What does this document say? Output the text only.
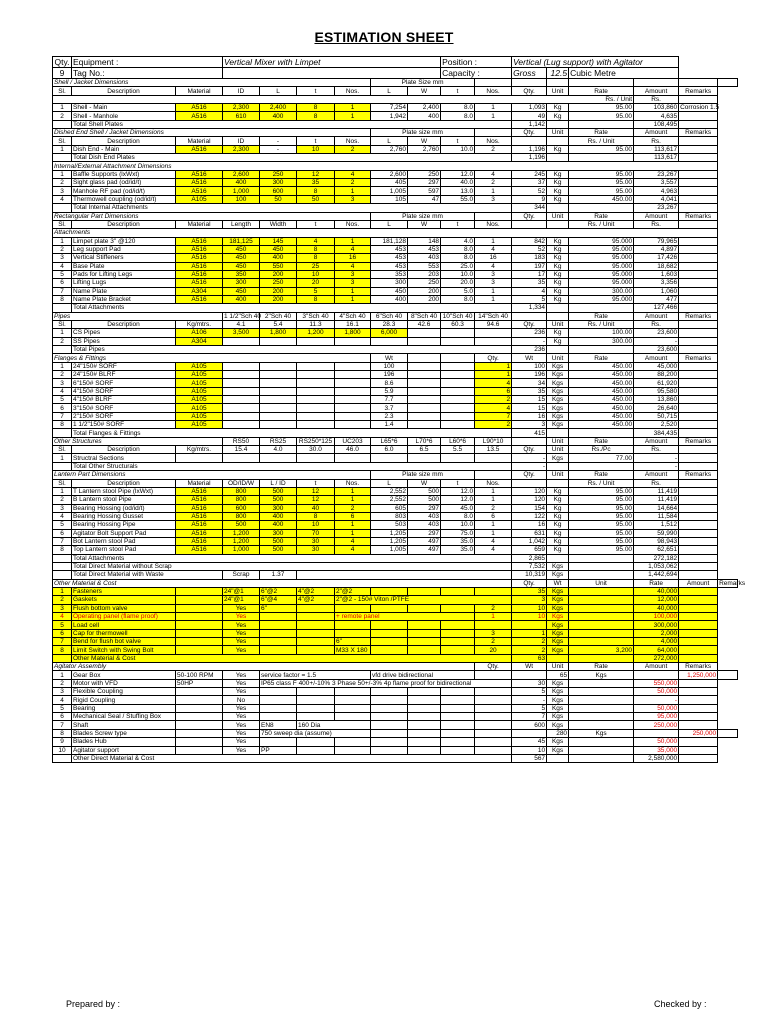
ESTIMATION SHEET
Qty.	Equipment :		Vertical Mixer with Limpet						Position :		Vertical (Lug support) with Agitator					
9	Tag No.:								Capacity :		Gross	12.5	Cubic Metre			
Shell / Jacket Dimensions							Plate Size mm									
Sl.	Description	Material	ID	L	t	Nos.	L	W	t	Nos.	Qty.	Unit	Rate	Amount	Remarks	
Rs. / Unit														Rs.		
1	Shell - Main	A516	2,300	2,400	8	1	7,254	2,400	8.0	1	1,093	Kg	95.00	103,860	Corrosion 1.5	
2	Shell - Manhole	A516	610	400	8	1	1,942	400	8.0	1	49	Kg	95.00	4,635		
	Total Shell Plates										1,142			108,495		
Dished End Shell / Jacket Dimensions							Plate size mm				Qty.	Unit	Rate	Amount	Remarks	
Sl.	Description	Material	ID	-	t	Nos.	L	W	t	Nos.			Rs. / Unit	Rs.		
1	Dish End - Main	A516	2,300	-	10	2	2,760	2,760	10.0	2	1,196	Kg	95.00	113,617		
	Total Dish End Plates										1,196			113,617		
Internal/External Attachment Dimensions																
1	Baffle Supports (lxWxt)	A516	2,600	250	12	4	2,600	250	12.0	4	245	Kg	95.00	23,267		
2	Sight glass pad (od/id/t)	A516	400	300	35	2	405	297	40.0	2	37	Kg	95.00	3,557		
3	Manhole RF pad (od/id/t)	A516	1,000	600	8	1	1,005	597	13.0	1	52	Kg	95.00	4,963		
4	Thermowell coupling (od/id/t)	A105	100	50	50	3	105	47	55.0	3	9	Kg	450.00	4,041		
	Total Internal Attachments										344			23,267		
Rectangular Part Dimensions							Plate size mm				Qty.	Unit	Rate	Amount	Remarks	
Sl.	Description	Material	Length	Width	t	Nos.	L	W	t	Nos.			Rs. / Unit	Rs.		
Attachments																
1	Limpet plate 3" @120	A516	181,125	145	4	1	181,128	148	4.0	1	842	Kg	95.000	79,965		
2	Leg support Pad	A516	450	450	8	4	453	453	8.0	4	52	Kg	95.000	4,897		
3	Vertical Stiffeners	A516	450	400	8	16	453	403	8.0	16	183	Kg	95.000	17,426		
4	Base Plate	A516	450	550	25	4	453	553	25.0	4	197	Kg	95.000	18,682		
5	Pads for Lifting Legs	A516	350	200	10	3	353	203	10.0	3	17	Kg	95.000	1,603		
6	Lifting Lugs	A516	300	250	20	3	300	250	20.0	3	35	Kg	95.000	3,356		
7	Name Plate	A304	450	200	5	1	450	200	5.0	1	4	Kg	300.00	1,060		
8	Name Plate Bracket	A516	400	200	8	1	400	200	8.0	1	5	Kg	95.000	477		
	Total Attachments										1,334			127,466		
Pipes			1 1/2"Sch 40	2"Sch 40	3"Sch 40	4"Sch 40	6"Sch 40	8"Sch 40	10"Sch 40	14"Sch 40			Rate	Amount	Remarks	
Sl.	Description	Kg/mtrs.	4.1	5.4	11.3	16.1	28.3	42.6	60.3	94.6	Qty.	Unit	Rs. / Unit	Rs.		
1	CS Pipes	A106	3,500	1,800	1,200	1,800	6,000				236	Kg	100.00	23,600		
2	SS Pipes	A304									-	Kg	300.00	-		
	Total Pipes										236			23,600		
Flanges & Fittings							Wt			Qty.	Wt	Unit	Rate	Amount	Remarks	
1	24"150# SORF	A105					100			1	100	Kgs	450.00	45,000		
2	24"150# BLRF	A105					196			1	196	Kgs	450.00	88,200		
3	6"150# SORF	A105					8.6			4	34	Kgs	450.00	61,920		
4	4"150# SORF	A105					5.9			6	35	Kgs	450.00	95,580		
5	4"150# BLRF	A105					7.7			2	15	Kgs	450.00	13,860		
6	3"150# SORF	A105					3.7			4	15	Kgs	450.00	26,640		
7	2"150# SORF	A105					2.3			7	16	Kgs	450.00	50,715		
8	1 1/2"150# SORF	A105					1.4			2	3	Kgs	450.00	2,520		
	Total Flanges & Fittings										415			384,435		
Other Structures			RS50	RS25	RS250*125	UC203	L65*6	L70*6	L60*6	L90*10		Unit	Rate	Amount	Remarks	
Sl.	Description	Kg/mtrs.	15.4	4.0	30.0	46.0	6.0	6.5	5.5	13.5	Qty.	Unit	Rs./Pc	Rs.		
1	Structral Sections										-	Kgs	77.00	-		
	Total Other Structurals										-			-		
Lantern Part Dimensions							Plate size mm				Qty.	Unit	Rate	Amount	Remarks	
Sl.	Description	Material	OD/ID/W	L / ID	t	Nos.	L	W	t	Nos.			Rs. / Unit	Rs.		
1	T Lantern stool Pipe (lxWxt)	A516	800	500	12	1	2,552	500	12.0	1	120	Kg	95.00	11,419		
2	B Lantern stool Pipe	A516	800	500	12	1	2,552	500	12.0	1	120	Kg	95.00	11,419		
3	Bearing Hossing (od/id/t)	A516	600	300	40	2	605	297	45.0	2	154	Kg	95.00	14,664		
4	Bearing Hossing Gusset	A516	800	400	8	6	803	403	8.0	6	122	Kg	95.00	11,584		
5	Bearing Hossing Pipe	A516	500	400	10	1	503	403	10.0	1	16	Kg	95.00	1,512		
6	Agitator Bolt Support Pad	A516	1,200	300	70	1	1,205	297	75.0	1	631	Kg	95.00	59,990		
7	Bot Lantern stool Pad	A516	1,200	500	30	4	1,205	497	35.0	4	1,042	Kg	95.00	98,943		
8	Top Lantern stool Pad	A516	1,000	500	30	4	1,005	497	35.0	4	659	Kg	95.00	62,651		
	Total Attachments										2,865			272,182		
	Total Direct Material without Scrap										7,532	Kgs		1,053,062		
	Total Direct Material with Waste		Scrap	1.37							10,319	Kgs		1,442,694		
Other Material & Cost											Qty.	Wt	Unit	Rate	Amount	Remarks
1	Fasteners		24"@1	6"@2	4"@2	2"@2					35	Kgs		40,000		
2	Gaskets		24"@1	6"@4	4"@2	2"@2 - 150# Viton /PTFE					3	Kgs		12,000		
3	Flush bottom valve		Yes	6"						2	10	Kgs		40,000		
4	Operating panel (flame proof)		Yes			+ remote panel				1	10	Kgs		100,000		
5	Load cell		Yes									Kgs		300,000		
6	Cap for thermowell		Yes							3	1	Kgs		2,000		
7	Bend for flush bot valve		Yes			6"				2	2	Kgs		4,000		
8	Limit Switch with Swing Bolt		Yes			M33 X 180				20	2	Kgs	3,200	64,000		
	Other Material & Cost										63			272,000		
Agitator Assembly										Qty.	Wt	Unit	Rate	Amount	Remarks	
1	Gear Box	50-100 RPM	Yes	service factor = 1.5			vfd drive bidirectional					65	Kgs		1,250,000	
2	Motor with VFD	50HP	Yes	IP65 class F 400+/-10% 3 Phase 50+/-3% 4p flame proof for bidirectional							30	Kgs		550,000		
3	Flexible Coupling		Yes								5	Kgs		50,000		
4	Rigid Coupling		No								-	Kgs		-		
5	Bearing		Yes								5	Kgs		50,000		
6	Mechanical Seal / Stuffing Box		Yes								7	Kgs		95,000		
7	Shaft		Yes	EN8	160 Dia						600	Kgs		250,000		
8	Blades Screw type		Yes	750 sweep dia (assume)								280	Kgs		250,000	
9	Blades Hub		Yes								45	Kgs		50,000		
10	Agitator support		Yes	PP							10	Kgs		35,000		
	Other Direct Material & Cost										567			2,580,000		
Prepared by :	Checked by :
